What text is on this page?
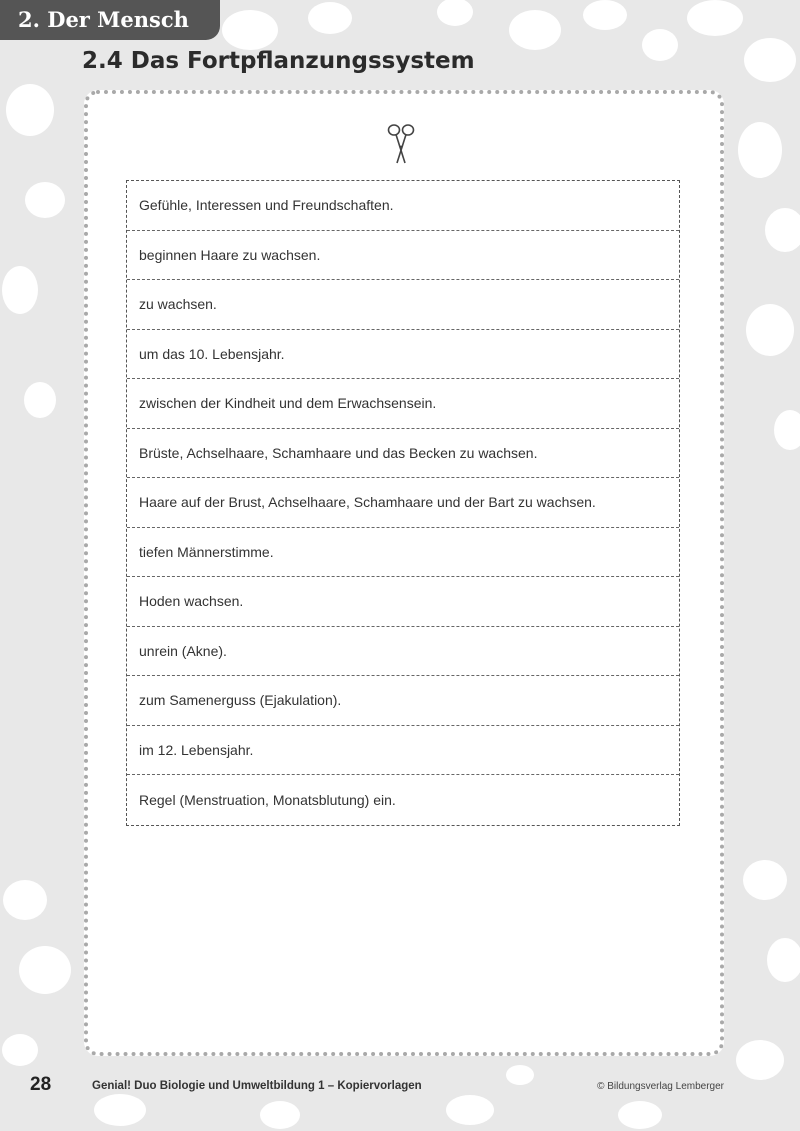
2. Der Mensch
2.4 Das Fortpflanzungssystem
Gefühle, Interessen und Freundschaften.
beginnen Haare zu wachsen.
zu wachsen.
um das 10. Lebensjahr.
zwischen der Kindheit und dem Erwachsensein.
Brüste, Achselhaare, Schamhaare und das Becken zu wachsen.
Haare auf der Brust, Achselhaare, Schamhaare und der Bart zu wachsen.
tiefen Männerstimme.
Hoden wachsen.
unrein (Akne).
zum Samenerguss (Ejakulation).
im 12. Lebensjahr.
Regel (Menstruation, Monatsblutung) ein.
28	Genial! Duo Biologie und Umweltbildung 1 – Kopiervorlagen	© Bildungsverlag Lemberger
